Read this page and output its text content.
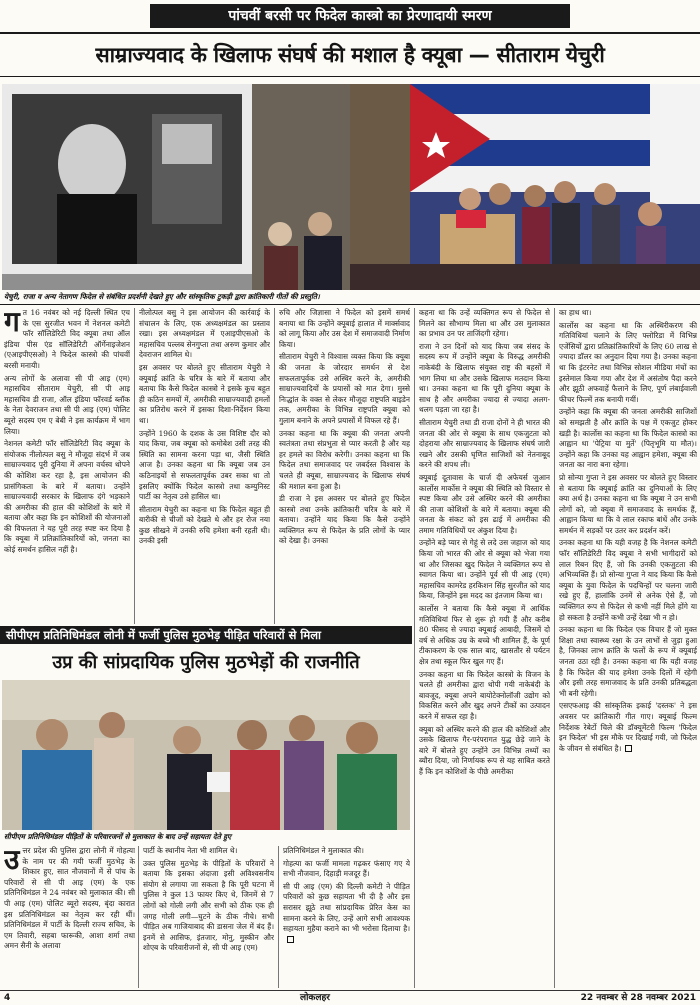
पांचवीं बरसी पर फिदेल कास्त्रो का प्रेरणादायी स्मरण
साम्राज्यवाद के खिलाफ संघर्ष की मशाल है क्यूबा — सीताराम येचुरी
येचुरी, राजा व अन्य नेतागण फिदेल से संबंधित प्रदर्शनी देखते हुए और सांस्कृतिक टुकड़ी द्वारा क्रांतिकारी गीतों की प्रस्तुति।
ग त 16 नवंबर को नई दिल्ली स्थित एच के एस सुरजीत भवन में नेशनल कमेटी फॉर सॉलिडेरिटी विद क्यूबा तथा ऑल इंडिया पीस एंड सॉलिडेरिटी ऑर्गेनाइजेशन (एआइपीएसओ) ने फिदेल कास्त्रो की पांचवीं बरसी मनायी।

अन्य लोगों के अलावा सी पी आइ (एम) महासचिव सीताराम येचुरी, सी पी आइ महासचिव डी राजा, ऑल इंडिया फॉरवर्ड ब्लॉक के नेता देवराजन तथा सी पी आइ (एम) पोलिट ब्यूरो सदस्य एम ए बेबी ने इस कार्यक्रम में भाग लिया।

नेशनल कमेटी फॉर सॉलिडेरिटी विद क्यूबा के संयोजक नीलोत्पल बसु ने मौजूदा संदर्भ में जब साम्राज्यवाद पूरी दुनिया में अपना वर्चस्व थोपने की कोशिश कर रहा है, इस आयोजन की प्रासंगिकता के बारे में बताया। उन्होंने साम्राज्यवादी सरकार के खिलाफ दंगे भड़काने की अमरीका की हाल की कोशिशों के बारे में बताया और कहा कि इन कोशिशों की योजनाओं की विफलता ने यह पूरी तरह स्पष्ट कर दिया है कि क्यूबा में प्रतिक्रांतिकारियों को, जनता का कोई समर्थन हासिल नहीं है।

नीलोत्पल बसु ने इस आयोजन की कार्रवाई के संचालन के लिए, एक अध्यक्षमंडल का प्रस्ताव रखा। इस अध्यक्षमंडल में एआइपीएसओ के महासचिव पल्लब सेनगुप्ता तथा अरुण कुमार और देवराजन शामिल थे।

इस अवसर पर बोलते हुए सीताराम येचुरी ने क्यूबाई क्रांति के चरित्र के बारे में बताया और बताया कि कैसे फिदेल कास्त्रो ने इसके कूच बहुत ही कठिन समयों में, अमरीकी साम्राज्यवादी हमलों का प्रतिरोध करने में इसका दिशा-निर्देशन किया था।

उन्होंने 1960 के दशक के उस विशिष्ट दौर को याद किया, जब क्यूबा को कमोबेश उसी तरह की स्थिति का सामना करना पड़ा था, जैसी स्थिति आज है। उनका कहना था कि क्यूबा जब उन कठिनाइयों से सफलतापूर्वक उबर सका था तो इसलिए क्योंकि फिदेल कास्त्रो तथा कम्युनिस्ट पार्टी का नेतृत्व उसे हासिल था।

सीताराम येचुरी का कहना था कि फिदेल बहुत ही बारीकी से चीजों को देखते थे और हर रोज नया कुछ सीखने में उनकी रुचि हमेशा बनी रहती थी। उनकी इसी

रुचि और जिज्ञासा ने फिदेल को इसमें समर्थ बनाया था कि उन्होंने क्यूबाई हालात में मार्क्सवाद को लागू किया और उस देश में समाजवादी निर्माण किया।

सीताराम येचुरी ने विश्वास व्यक्त किया कि क्यूबा की जनता के जोरदार समर्थन से देश सफलतापूर्वक उसे अस्थिर करने के, अमरीकी साम्राज्यवादियों के प्रयासों को मात देगा। मुस्से निःद्धांत के वक्त से लेकर मौजूदा राष्ट्रपति बाइडेन तक, अमरीका के विभिन्न राष्ट्रपति क्यूबा को गुलाम बनाने के अपने प्रयासों में विफल रहे हैं।

उनका कहना था कि क्यूबा की जनता अपनी स्वतंत्रता तथा संप्रभुता से प्यार करती है और यह हर हमले का विरोध करेगी। उनका कहना था कि फिदेल तथा समाजवाद पर जबर्दस्त विश्वास के चलते ही क्यूबा, साम्राज्यवाद के खिलाफ संघर्ष की मशाल बना हुआ है।

डी राजा ने इस अवसर पर बोलते हुए फिदेल कास्त्रो तथा उनके क्रांतिकारी चरित्र के बारे में बताया। उन्होंने याद किया कि कैसे उन्होंने व्यक्तिगत रूप से फिदेल के प्रति लोगों के प्यार को देखा है। उनका

कहना था कि उन्हें व्यक्तिगत रूप से फिदेल से मिलने का सौभाग्य मिला था और उस मुलाकात का प्रभाव उन पर ताजिंदगी रहेगा।

राजा ने उन दिनों को याद किया जब संसद के सदस्य रूप में उन्होंने क्यूबा के विरुद्ध अमरीकी नाकेबंदी के खिलाफ संयुक्त राष्ट्र की बहसों में भाग लिया था और उसके खिलाफ मतदान किया था। उनका कहना था कि पूरी दुनिया क्यूबा के साथ है और अमरीका ज्यादा से ज्यादा अलग-थलग पड़ता जा रहा है।

सीताराम येचुरी तथा डी राजा दोनों ने ही भारत की जनता की ओर से क्यूबा के साथ एकजुटता को दोहराया और साम्राज्यवाद के खिलाफ संघर्ष जारी रखने और उसकी घृणित साजिशों को नेतनाबूद करने की शपथ ली।

क्यूबाई दूतावास के चार्ज दी अफेयर्स जुआन कार्लोस मार्कोस ने क्यूबा की स्थिति को विस्तार से स्पष्ट किया और उसे अस्थिर करने की अमरीका की ताजा कोशिशों के बारे में बताया। क्यूबा की जनता के संकट को इस ढाई में अमरीका की तमाम गतिविधियों पर अंकुश दिया है।

उन्होंने बड़े प्यार से गेहूं से लदे उस जहाज को याद किया जो भारत की ओर से क्यूबा को भेजा गया था और जिसका खुद फिदेल ने व्यक्तिगत रूप से स्वागत किया था। उन्होंने पूर्व सी पी आइ (एम) महासचिव कामरेड हरकिशन सिंह सुरजीत को याद किया, जिन्होंने इस मदद का इंतजाम किया था।

कार्लोस ने बताया कि कैसे क्यूबा में आर्थिक गतिविधियां फिर से शुरू हो गयी हैं और करीब 80 फीसद से ज्यादा क्यूबाई आबादी, जिसमें दो वर्ष से अधिक उम्र के बच्चे भी शामिल हैं, के पूर्ण टीकाकरण के एक साल बाद, खासतौर से पर्यटन क्षेत्र तथा स्कूल फिर खुल गए हैं।

उनका कहना था कि फिदेल कास्त्रो के विजन के चलते ही अमरीका द्वारा थोपी गयी नाकेबंदी के बावजूद, क्यूबा अपने बायोटेक्नोलॉजी उद्योग को विकसित करने और खुद अपने टीकों का उत्पादन करने में सफल रहा है।

क्यूबा को अस्थिर करने की हाल की कोशिशों और उसके खिलाफ गैर-परंपरागत युद्ध छेड़े जाने के बारे में बोलते हुए उन्होंने उन विभिन्न तथ्यों का ब्यौरा दिया, जो निर्णायक रूप से यह साबित करते हैं कि इन कोशिशों के पीछे अमरीका

का हाथ था।

कार्लोस का कहना था कि अस्थिरीकरण की गतिविधियां चलाने के लिए फ्लोरिडा में विभिन्न एजेंसियों द्वारा प्रतिक्रांतिकारियों के लिए 60 लाख से ज्यादा डॉलर का अनुदान दिया गया है। उनका कहना था कि इंटरनेट तथा विभिन्न सोशल मीडिया मंचों का इस्तेमाल किया गया और देश में असंतोष पैदा करने और झूठी अफवाहें फैलाने के लिए, पूर्ण लंबाईवाली फीचर फिल्में तक बनायी गयीं।

उन्होंने कहा कि क्यूबा की जनता अमरीकी साजिशों को समझती है और क्रांति के पक्ष में एकजुट होकर खड़ी है। कार्लोस का कहना था कि फिदेल कास्त्रो का आह्वान था 'पेट्रिया या मुर्ते' (पितृभूमि या मौत)। उन्होंने कहा कि उनका यह आह्वान हमेशा, क्यूबा की जनता का नारा बना रहेगा।

प्रो सोन्या गुप्ता ने इस अवसर पर बोलते हुए विस्तार से बताया कि क्यूबाई क्रांति का दुनियाओं के लिए क्या अर्थ है। उनका कहना था कि क्यूबा ने उन सभी लोगों को, जो क्यूबा में समाजवाद के समर्थक हैं, आह्वान किया था कि वे लाल रकाफ बांधें और उनके समर्थन में सड़कों पर उतर कर प्रदर्शन करें।

उनका कहना था कि यही वजह है कि नेशनल कमेटी फॉर सॉलिडेरिटी विद क्यूबा ने सभी भागीदारों को लाल रिबन दिए हैं, जो कि उनकी एकजुटता की अभिव्यक्ति हैं। प्रो सोन्या गुप्ता ने याद किया कि कैसे क्यूबा के युवा फिदेल के पदचिन्हों पर चलना जारी रखे हुए हैं, हालांकि उनमें से अनेक ऐसे हैं, जो व्यक्तिगत रूप से फिदेल से कभी नहीं मिले होंगे या हो सकता है उन्होंने कभी उन्हें देखा भी न हो।

उनका कहना था कि फिदेल एक विचार हैं जो मुक्त शिक्षा तथा स्वास्थ्य रक्षा के उन लाभों से जुड़ा हुआ है, जिनका लाभ क्रांति के फलों के रूप में क्यूबाई जनता उठा रही है। उनका कहना था कि यही वजह है कि फिदेल की याद हमेशा उनके दिलों में रहेगी और इसी तरह समाजवाद के प्रति उनकी प्रतिबद्धता भी बनी रहेगी।

एसएफआइ की सांस्कृतिक इकाई 'दस्तक' ने इस अवसर पर क्रांतिकारी गीत गाए। क्यूबाई फिल्म निर्देशक रेबेर्टो चिले की डॉक्यूमेंटरी फिल्म 'फिदेल इन फिदेल' भी इस मौके पर दिखाई गयी, जो फिदेल के जीवन से संबंधित है।

सीपीएम प्रतिनिधिमंडल लोनी में फर्जी पुलिस मुठभेड़ पीड़ित परिवारों से मिला
उप्र की सांप्रदायिक पुलिस मुठभेड़ों की राजनीति
सीपीएम प्रतिनिधिमंडल पीड़ितों के परिवारजनों से मुलाकात के बाद उन्हें सहायता देते हुए
उ त्तर प्रदेश की पुलिस द्वारा लोनी में गोहत्या के नाम पर की गयी फर्जी मुठभेड़ के शिकार हुए, सात नौजवानों में से पांच के परिवारों से सी पी आइ (एम) के एक प्रतिनिधिमंडल ने 24 नवंबर को मुलाकात की। सी पी आइ (एम) पोलिट ब्यूरो सदस्य, बृंदा कारात इस प्रतिनिधिमंडल का नेतृत्व कर रही थीं। प्रतिनिधिमंडल में पार्टी के दिल्ली राज्य सचिव, के एम तिवारी, सहबा फारूकी, आशा शर्मा तथा अमन सैनी के अलावा

पार्टी के स्थानीय नेता भी शामिल थे।

उक्त पुलिस मुठभेड़ के पीड़ितों के परिवारों ने बताया कि इसका अंदाजा इसी अविश्वसनीय संयोग से लगाया जा सकता है कि पूरी घटना में पुलिस ने कुल 13 फायर किए थे, जिनमें से 7 लोगों को गोली लगी और सभी को ठीक एक ही जगह गोली लगी—घुटने के ठीक नीचे। सभी पीड़ित अब गाजियाबाद की डासना जेल में बंद हैं। इनमें से आसिफ, इंतजार, मोनु, मुस्कीन और शोएब के परिवारीजनों से, सी पी आइ (एम)

प्रतिनिधिमंडल ने मुलाकात की।

गोहत्या का फर्जी मामला गढ़कर फंसाए गए ये सभी नौजवान, दिहाड़ी मजदूर हैं।

सी पी आइ (एम) की दिल्ली कमेटी ने पीड़ित परिवारों को कुछ सहायता भी दी है और इस सरासर झूठे तथा सांप्रदायिक प्रेरित केस का सामना करने के लिए, उन्हें आगे सभी आवश्यक सहायता मुहैया कराने का भी भरोसा दिलाया है।

4	लोकलहर	22 नवम्बर से 28 नवम्बर 2021
